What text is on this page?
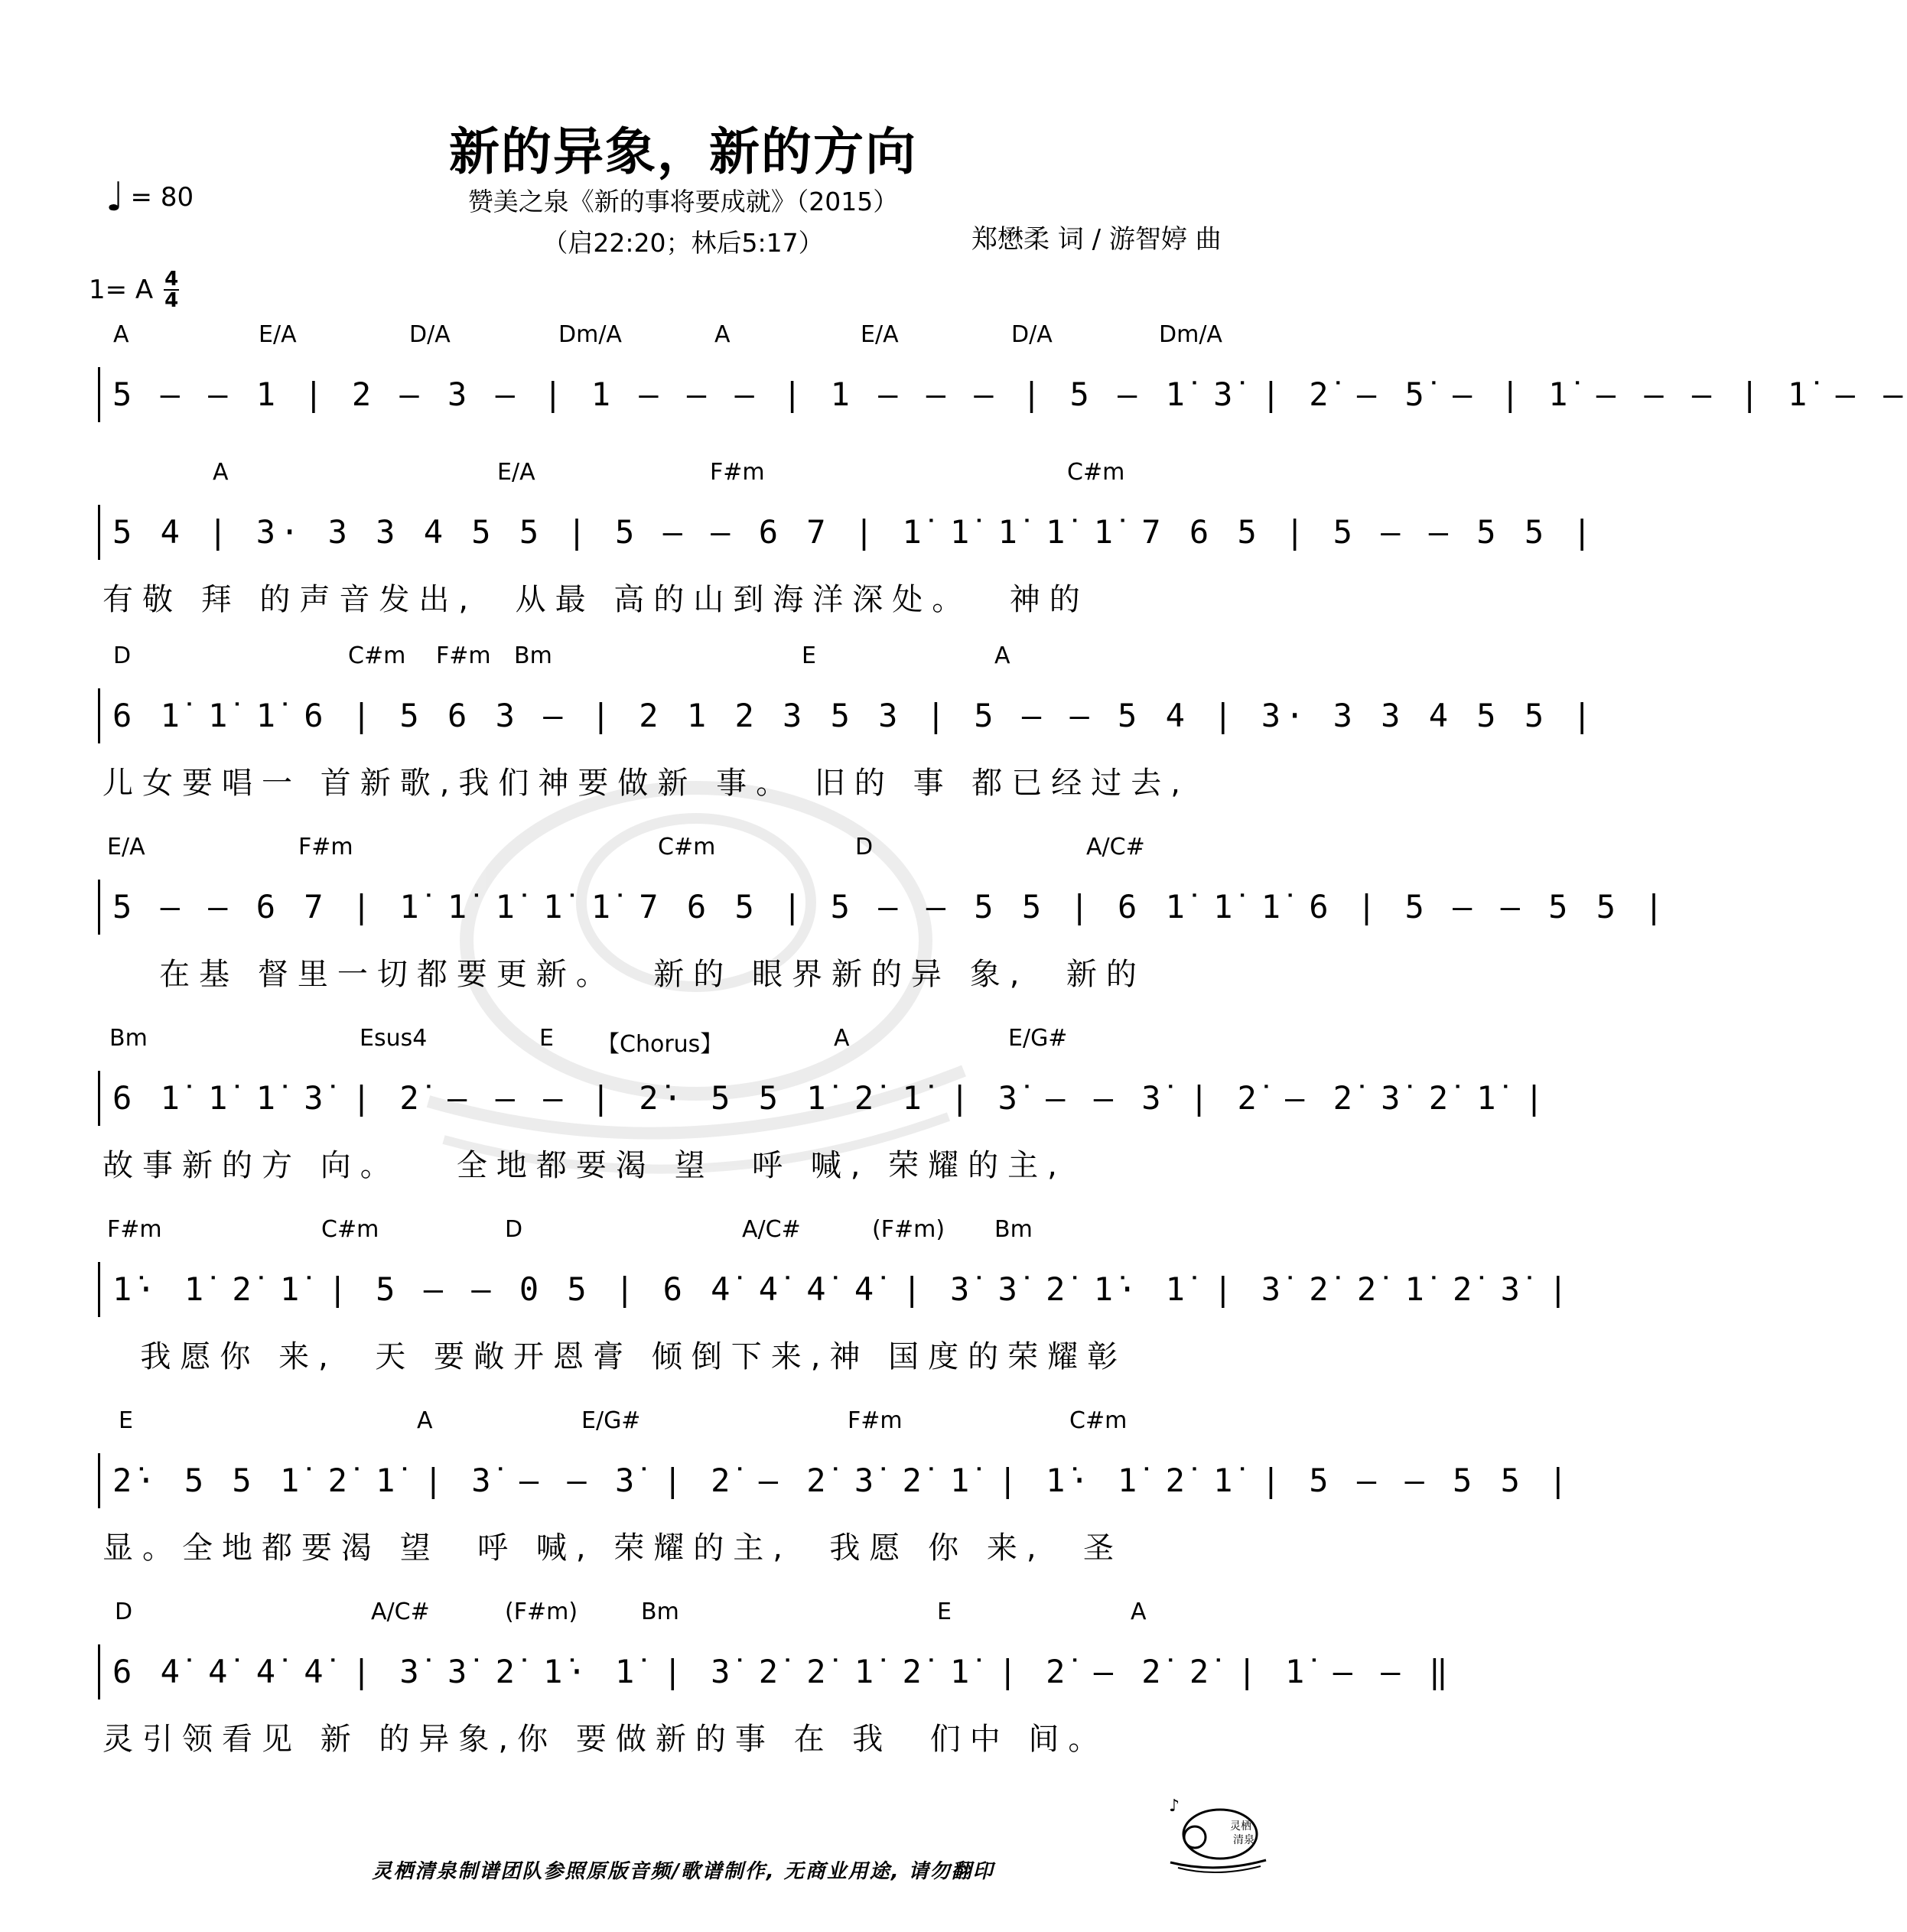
新的异象，新的方向
赞美之泉《新的事将要成就》（2015）
（启22:20；林后5:17）
♩ = 80
郑懋柔 词 / 游智婷 曲
1= A 4
4
A	E/A	D/A	Dm/A	A	E/A	D/A	Dm/A
5 – – 1 | 2 – 3 – | 1 – – – | 1 – – – | 5 – 1̇ 3̇ | 2̇ – 5̇ – | 1̇ – – – | 1̇ – –
A	E/A	F#m	C#m
5 4 | 3· 3 3 4 5 5 | 5 – – 6 7 | 1̇ 1̇ 1̇ 1̇ 1̇ 7 6 5 | 5 – – 5 5 |
有敬 拜 的声音发出,  从最 高的山到海洋深处。  神的
D	C#m F#m Bm	E	A
6 1̇ 1̇ 1̇ 6 | 5 6 3 – | 2 1 2 3 5 3 | 5 – – 5 4 | 3· 3 3 4 5 5 |
儿女要唱一 首新歌,我们神要做新 事。 旧的 事 都已经过去,
E/A	F#m	C#m	D	A/C#
5 – – 6 7 | 1̇ 1̇ 1̇ 1̇ 1̇ 7 6 5 | 5 – – 5 5 | 6 1̇ 1̇ 1̇ 6 | 5 – – 5 5 |
在基 督里一切都要更新。  新的 眼界新的异 象,  新的
Bm	Esus4	E 【Chorus】	A	E/G#
6 1̇ 1̇ 1̇ 3̇ | 2̇ – – – | 2̇· 5 5 1̇ 2̇ 1̇ | 3̇ – – 3̇ | 2̇ – 2̇ 3̇ 2̇ 1̇ |
故事新的方 向。   全地都要渴 望  呼 喊, 荣耀的主,
F#m	C#m	D	A/C#	(F#m) Bm
1̇· 1̇ 2̇ 1̇ | 5 – – 0 5 | 6 4̇ 4̇ 4̇ 4̇ | 3̇ 3̇ 2̇ 1̇· 1̇ | 3̇ 2̇ 2̇ 1̇ 2̇ 3̇ |
我愿你 来,  天 要敞开恩膏 倾倒下来,神 国度的荣耀彰
E	A	E/G#	F#m	C#m
2̇· 5 5 1̇ 2̇ 1̇ | 3̇ – – 3̇ | 2̇ – 2̇ 3̇ 2̇ 1̇ | 1̇· 1̇ 2̇ 1̇ | 5 – – 5 5 |
显。全地都要渴 望  呼 喊, 荣耀的主,  我愿 你 来,  圣
D	A/C#	(F#m)	Bm	E	A
6 4̇ 4̇ 4̇ 4̇ | 3̇ 3̇ 2̇ 1̇· 1̇ | 3̇ 2̇ 2̇ 1̇ 2̇ 1̇ | 2̇ – 2̇ 2̇ | 1̇ – – ‖
灵引领看见 新 的异象,你 要做新的事 在 我  们中 间。
灵栖清泉制谱团队参照原版音频/歌谱制作, 无商业用途, 请勿翻印
灵栖
清泉
♪
